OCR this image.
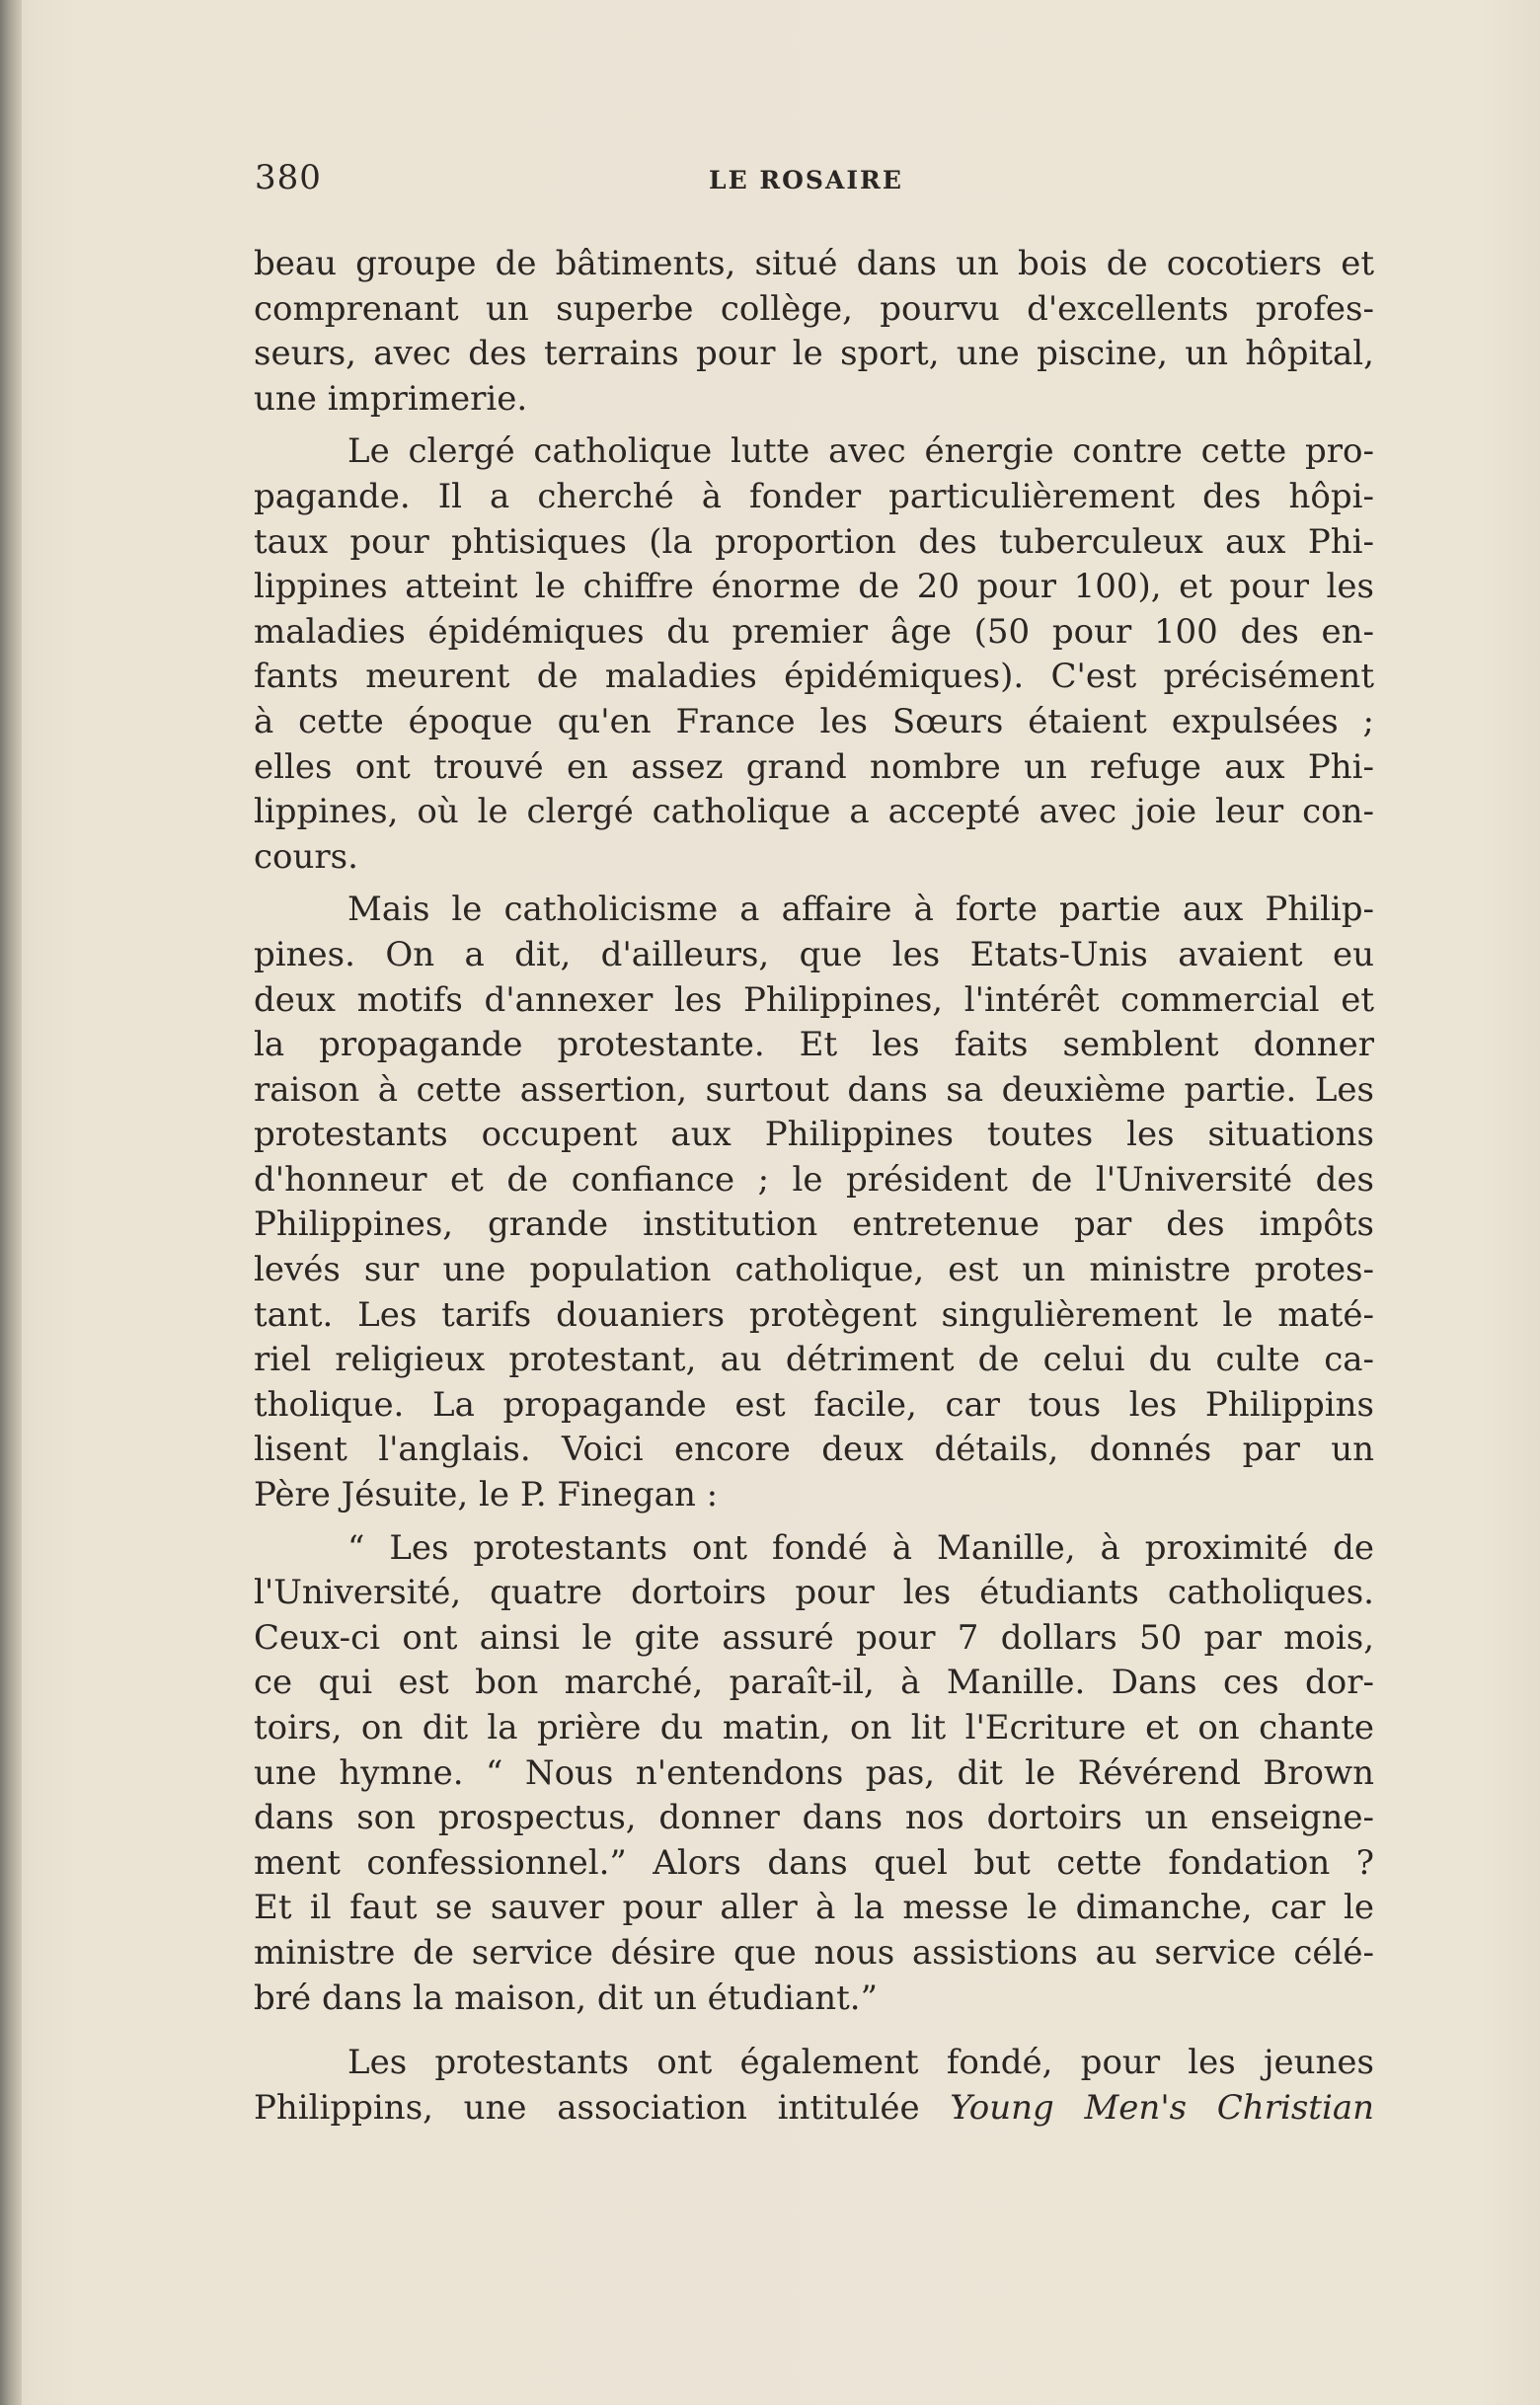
380	LE ROSAIRE
beau groupe de bâtiments, situé dans un bois de cocotiers et
comprenant un superbe collège, pourvu d'excellents profes-
seurs, avec des terrains pour le sport, une piscine, un hôpital,
une imprimerie.
Le clergé catholique lutte avec énergie contre cette pro-
pagande. Il a cherché à fonder particulièrement des hôpi-
taux pour phtisiques (la proportion des tuberculeux aux Phi-
lippines atteint le chiffre énorme de 20 pour 100), et pour les
maladies épidémiques du premier âge (50 pour 100 des en-
fants meurent de maladies épidémiques). C'est précisément
à cette époque qu'en France les Sœurs étaient expulsées ;
elles ont trouvé en assez grand nombre un refuge aux Phi-
lippines, où le clergé catholique a accepté avec joie leur con-
cours.
Mais le catholicisme a affaire à forte partie aux Philip-
pines. On a dit, d'ailleurs, que les Etats-Unis avaient eu
deux motifs d'annexer les Philippines, l'intérêt commercial et
la propagande protestante. Et les faits semblent donner
raison à cette assertion, surtout dans sa deuxième partie. Les
protestants occupent aux Philippines toutes les situations
d'honneur et de confiance ; le président de l'Université des
Philippines, grande institution entretenue par des impôts
levés sur une population catholique, est un ministre protes-
tant. Les tarifs douaniers protègent singulièrement le maté-
riel religieux protestant, au détriment de celui du culte ca-
tholique. La propagande est facile, car tous les Philippins
lisent l'anglais. Voici encore deux détails, donnés par un
Père Jésuite, le P. Finegan :
“ Les protestants ont fondé à Manille, à proximité de
l'Université, quatre dortoirs pour les étudiants catholiques.
Ceux-ci ont ainsi le gite assuré pour 7 dollars 50 par mois,
ce qui est bon marché, paraît-il, à Manille. Dans ces dor-
toirs, on dit la prière du matin, on lit l'Ecriture et on chante
une hymne. “ Nous n'entendons pas, dit le Révérend Brown
dans son prospectus, donner dans nos dortoirs un enseigne-
ment confessionnel.” Alors dans quel but cette fondation ?
Et il faut se sauver pour aller à la messe le dimanche, car le
ministre de service désire que nous assistions au service célé-
bré dans la maison, dit un étudiant.”
Les protestants ont également fondé, pour les jeunes
Philippins, une association intitulée Young Men's Christian
